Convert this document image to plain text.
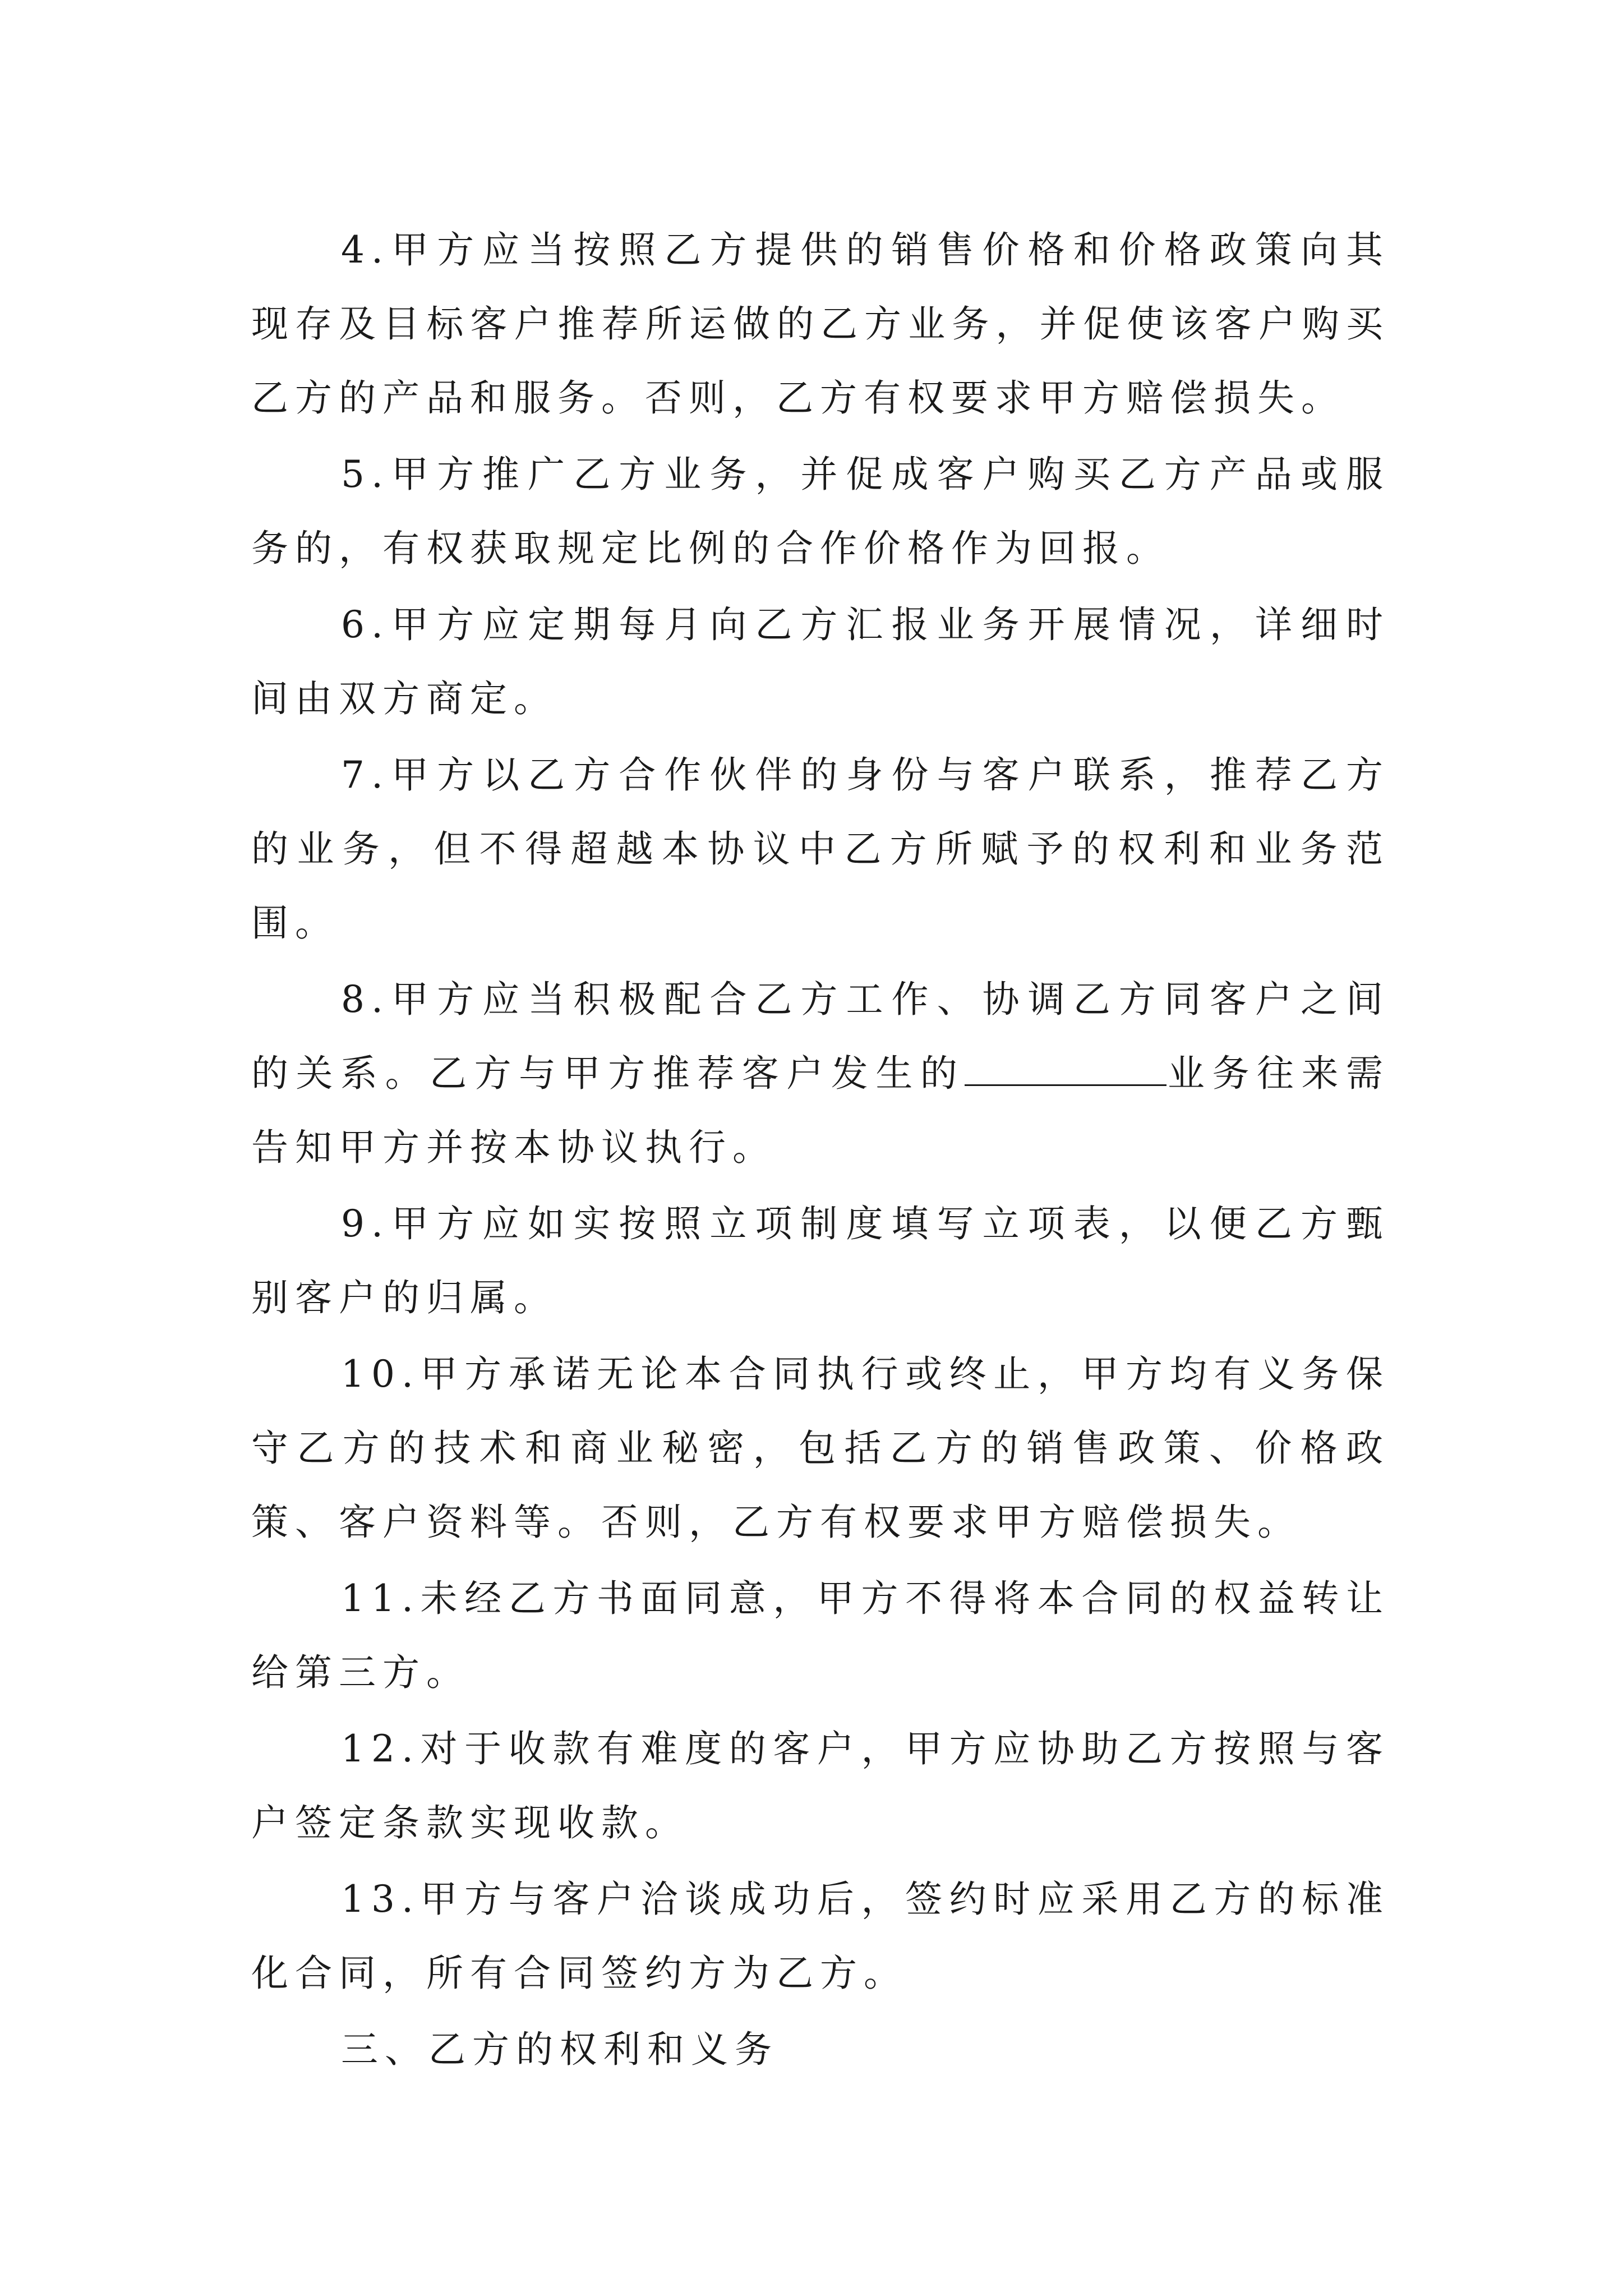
4.甲方应当按照乙方提供的销售价格和价格政策向其现存及目标客户推荐所运做的乙方业务，并促使该客户购买乙方的产品和服务。否则，乙方有权要求甲方赔偿损失。

5.甲方推广乙方业务，并促成客户购买乙方产品或服务的，有权获取规定比例的合作价格作为回报。

6.甲方应定期每月向乙方汇报业务开展情况，详细时间由双方商定。

7.甲方以乙方合作伙伴的身份与客户联系，推荐乙方的业务，但不得超越本协议中乙方所赋予的权利和业务范围。

8.甲方应当积极配合乙方工作、协调乙方同客户之间的关系。乙方与甲方推荐客户发生的	业务往来需告知甲方并按本协议执行。

9.甲方应如实按照立项制度填写立项表，以便乙方甄别客户的归属。

10.甲方承诺无论本合同执行或终止，甲方均有义务保守乙方的技术和商业秘密，包括乙方的销售政策、价格政策、客户资料等。否则，乙方有权要求甲方赔偿损失。

11.未经乙方书面同意，甲方不得将本合同的权益转让给第三方。

12.对于收款有难度的客户，甲方应协助乙方按照与客户签定条款实现收款。

13.甲方与客户洽谈成功后，签约时应采用乙方的标准化合同，所有合同签约方为乙方。

三、乙方的权利和义务
